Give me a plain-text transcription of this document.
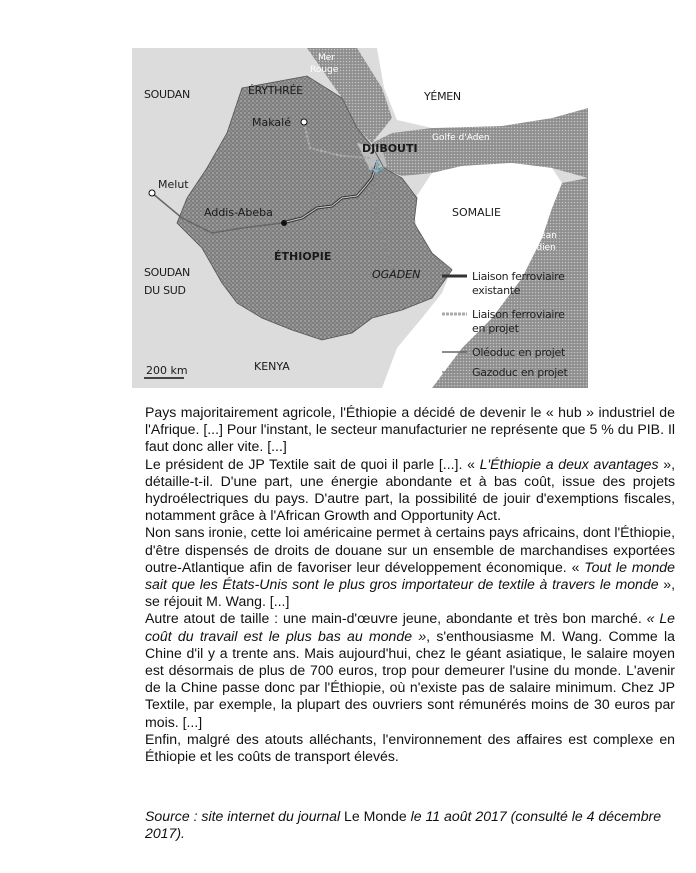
⚓
SOUDAN	ÉRYTHRÉE	YÉMEN
Mer
Rouge
Makalé
DJIBOUTI
Golfe d'Aden
Melut
Addis-Abeba	SOMALIE
ÉTHIOPIE
Océan
Indien
OGADEN
SOUDAN
DU SUD
KENYA
200 km
Liaison ferroviaire
existante
Liaison ferroviaire
en projet
Oléoduc en projet
Gazoduc en projet

Pays majoritairement agricole, l'Éthiopie a décidé de devenir le « hub » industriel de l'Afrique. [...] Pour l'instant, le secteur manufacturier ne représente que 5 % du PIB. Il faut donc aller vite. [...]

Le président de JP Textile sait de quoi il parle [...]. « L'Éthiopie a deux avantages », détaille-t-il. D'une part, une énergie abondante et à bas coût, issue des projets hydroélectriques du pays. D'autre part, la possibilité de jouir d'exemptions fiscales, notamment grâce à l'African Growth and Opportunity Act.

Non sans ironie, cette loi américaine permet à certains pays africains, dont l'Éthiopie, d'être dispensés de droits de douane sur un ensemble de marchandises exportées outre-Atlantique afin de favoriser leur développement économique. « Tout le monde sait que les États-Unis sont le plus gros importateur de textile à travers le monde », se réjouit M. Wang. [...]

Autre atout de taille : une main-d'œuvre jeune, abondante et très bon marché. « Le coût du travail est le plus bas au monde », s'enthousiasme M. Wang. Comme la Chine d'il y a trente ans. Mais aujourd'hui, chez le géant asiatique, le salaire moyen est désormais de plus de 700 euros, trop pour demeurer l'usine du monde. L'avenir de la Chine passe donc par l'Éthiopie, où n'existe pas de salaire minimum. Chez JP Textile, par exemple, la plupart des ouvriers sont rémunérés moins de 30 euros par mois. [...]

Enfin, malgré des atouts alléchants, l'environnement des affaires est complexe en Éthiopie et les coûts de transport élevés.

Source : site internet du journal Le Monde le 11 août 2017 (consulté le 4 décembre 2017).
